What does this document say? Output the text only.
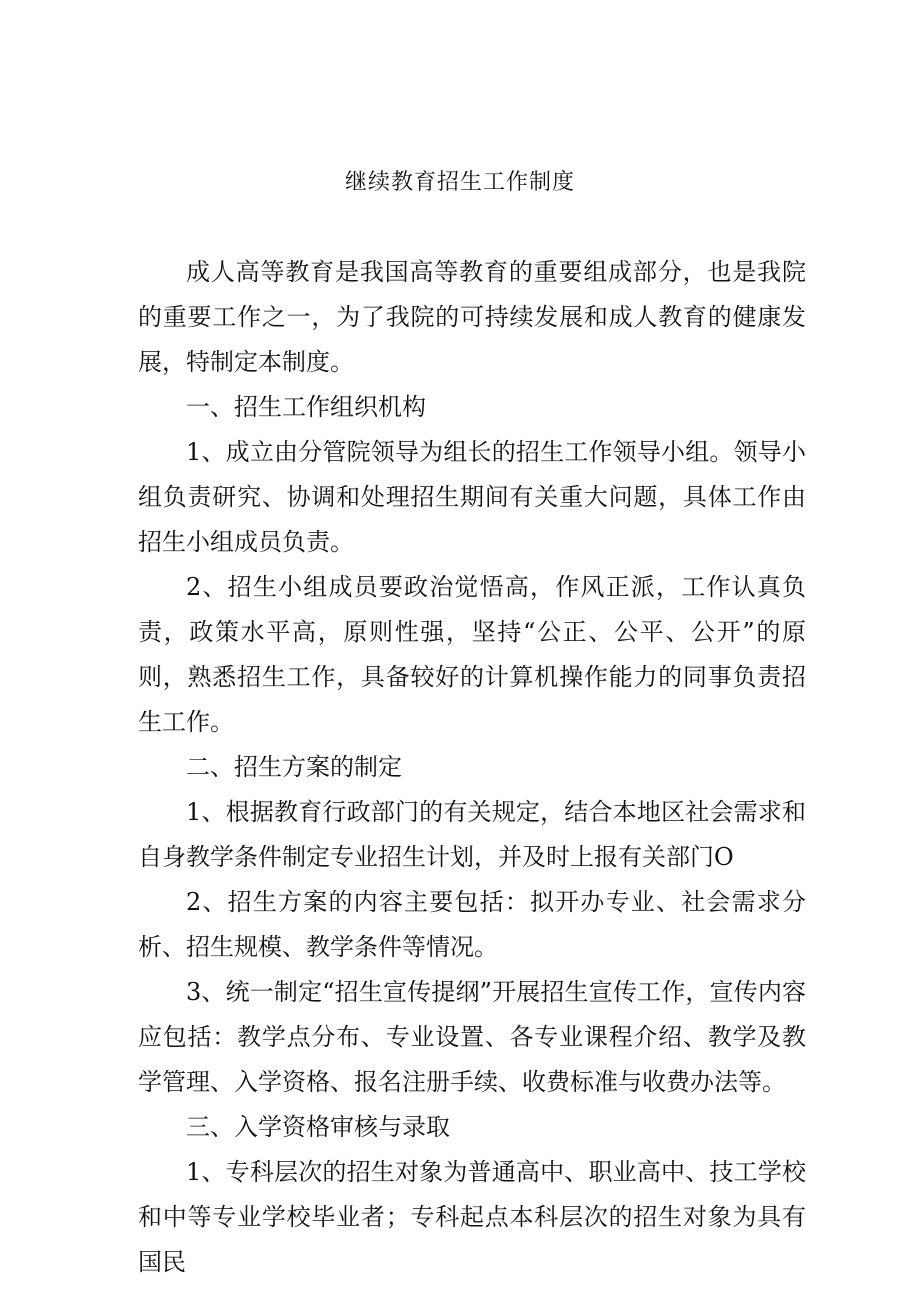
继续教育招生工作制度

成人高等教育是我国高等教育的重要组成部分，也是我院的重要工作之一，为了我院的可持续发展和成人教育的健康发展，特制定本制度。

一、招生工作组织机构

1、成立由分管院领导为组长的招生工作领导小组。领导小组负责研究、协调和处理招生期间有关重大问题，具体工作由招生小组成员负责。

2、招生小组成员要政治觉悟高，作风正派，工作认真负责，政策水平高，原则性强，坚持“公正、公平、公开”的原则，熟悉招生工作，具备较好的计算机操作能力的同事负责招生工作。

二、招生方案的制定

1、根据教育行政部门的有关规定，结合本地区社会需求和自身教学条件制定专业招生计划，并及时上报有关部门O

2、招生方案的内容主要包括：拟开办专业、社会需求分析、招生规模、教学条件等情况。

3、统一制定“招生宣传提纲”开展招生宣传工作，宣传内容应包括：教学点分布、专业设置、各专业课程介绍、教学及教学管理、入学资格、报名注册手续、收费标准与收费办法等。

三、入学资格审核与录取

1、专科层次的招生对象为普通高中、职业高中、技工学校和中等专业学校毕业者；专科起点本科层次的招生对象为具有国民
